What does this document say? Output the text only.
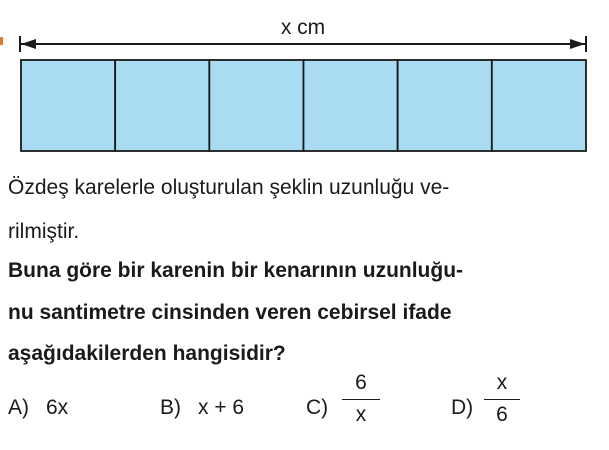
x cm
Özdeş karelerle oluşturulan şeklin uzunluğu ve-
rilmiştir.
Buna göre bir karenin bir kenarının uzunluğu-
nu santimetre cinsinden veren cebirsel ifade
aşağıdakilerden hangisidir?
A) 6x	B) x + 6	C)
6
x	D)
x
6
